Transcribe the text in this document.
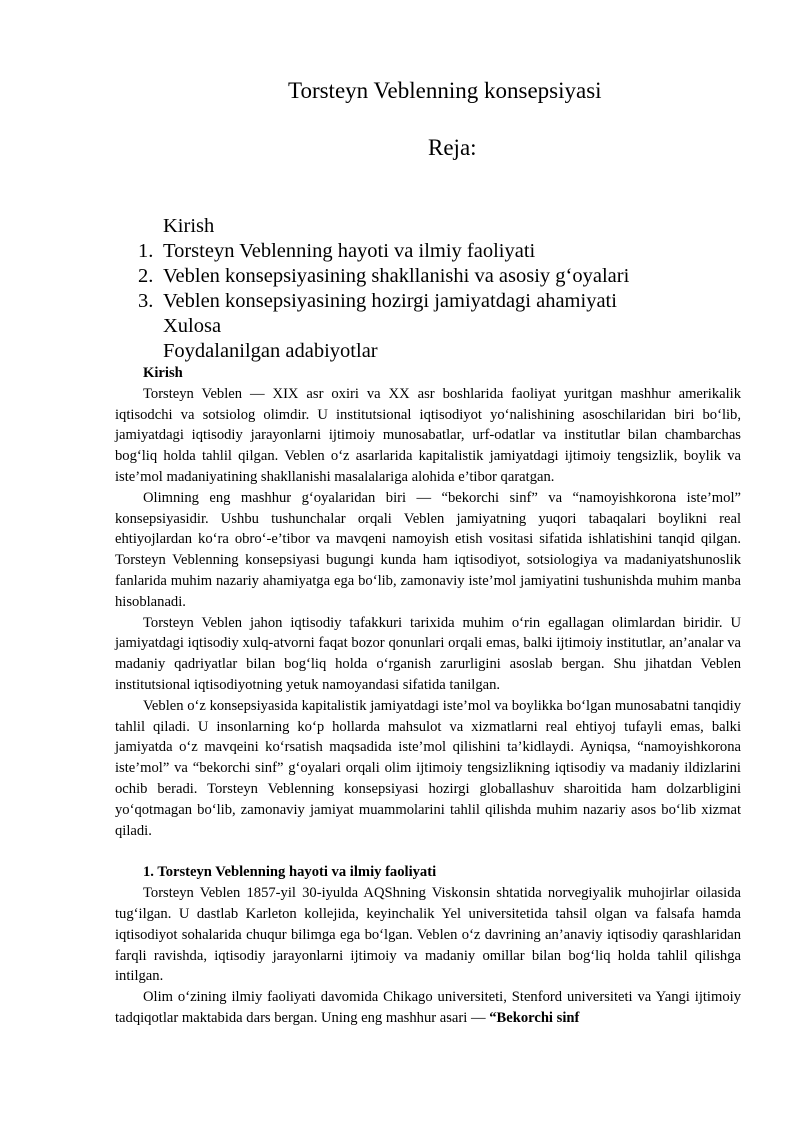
Torsteyn Veblenning konsepsiyasi
Reja:
Kirish
1. Torsteyn Veblenning hayoti va ilmiy faoliyati
2. Veblen konsepsiyasining shakllanishi va asosiy g‘oyalari
3. Veblen konsepsiyasining hozirgi jamiyatdagi ahamiyati
Xulosa
Foydalanilgan adabiyotlar

Kirish

Torsteyn Veblen — XIX asr oxiri va XX asr boshlarida faoliyat yuritgan mashhur amerikalik iqtisodchi va sotsiolog olimdir. U institutsional iqtisodiyot yo‘nalishining asoschilaridan biri bo‘lib, jamiyatdagi iqtisodiy jarayonlarni ijtimoiy munosabatlar, urf-odatlar va institutlar bilan chambarchas bog‘liq holda tahlil qilgan. Veblen o‘z asarlarida kapitalistik jamiyatdagi ijtimoiy tengsizlik, boylik va iste’mol madaniyatining shakllanishi masalalariga alohida e’tibor qaratgan.

Olimning eng mashhur g‘oyalaridan biri — “bekorchi sinf” va “namoyishkorona iste’mol” konsepsiyasidir. Ushbu tushunchalar orqali Veblen jamiyatning yuqori tabaqalari boylikni real ehtiyojlardan ko‘ra obro‘-e’tibor va mavqeni namoyish etish vositasi sifatida ishlatishini tanqid qilgan. Torsteyn Veblenning konsepsiyasi bugungi kunda ham iqtisodiyot, sotsiologiya va madaniyatshunoslik fanlarida muhim nazariy ahamiyatga ega bo‘lib, zamonaviy iste’mol jamiyatini tushunishda muhim manba hisoblanadi.

Torsteyn Veblen jahon iqtisodiy tafakkuri tarixida muhim o‘rin egallagan olimlardan biridir. U jamiyatdagi iqtisodiy xulq-atvorni faqat bozor qonunlari orqali emas, balki ijtimoiy institutlar, an’analar va madaniy qadriyatlar bilan bog‘liq holda o‘rganish zarurligini asoslab bergan. Shu jihatdan Veblen institutsional iqtisodiyotning yetuk namoyandasi sifatida tanilgan.

Veblen o‘z konsepsiyasida kapitalistik jamiyatdagi iste’mol va boylikka bo‘lgan munosabatni tanqidiy tahlil qiladi. U insonlarning ko‘p hollarda mahsulot va xizmatlarni real ehtiyoj tufayli emas, balki jamiyatda o‘z mavqeini ko‘rsatish maqsadida iste’mol qilishini ta’kidlaydi. Ayniqsa, “namoyishkorona iste’mol” va “bekorchi sinf” g‘oyalari orqali olim ijtimoiy tengsizlikning iqtisodiy va madaniy ildizlarini ochib beradi. Torsteyn Veblenning konsepsiyasi hozirgi globallashuv sharoitida ham dolzarbligini yo‘qotmagan bo‘lib, zamonaviy jamiyat muammolarini tahlil qilishda muhim nazariy asos bo‘lib xizmat qiladi.

1. Torsteyn Veblenning hayoti va ilmiy faoliyati

Torsteyn Veblen 1857-yil 30-iyulda AQShning Viskonsin shtatida norvegiyalik muhojirlar oilasida tug‘ilgan. U dastlab Karleton kollejida, keyinchalik Yel universitetida tahsil olgan va falsafa hamda iqtisodiyot sohalarida chuqur bilimga ega bo‘lgan. Veblen o‘z davrining an’anaviy iqtisodiy qarashlaridan farqli ravishda, iqtisodiy jarayonlarni ijtimoiy va madaniy omillar bilan bog‘liq holda tahlil qilishga intilgan.

Olim o‘zining ilmiy faoliyati davomida Chikago universiteti, Stenford universiteti va Yangi ijtimoiy tadqiqotlar maktabida dars bergan. Uning eng mashhur asari — “Bekorchi sinf
